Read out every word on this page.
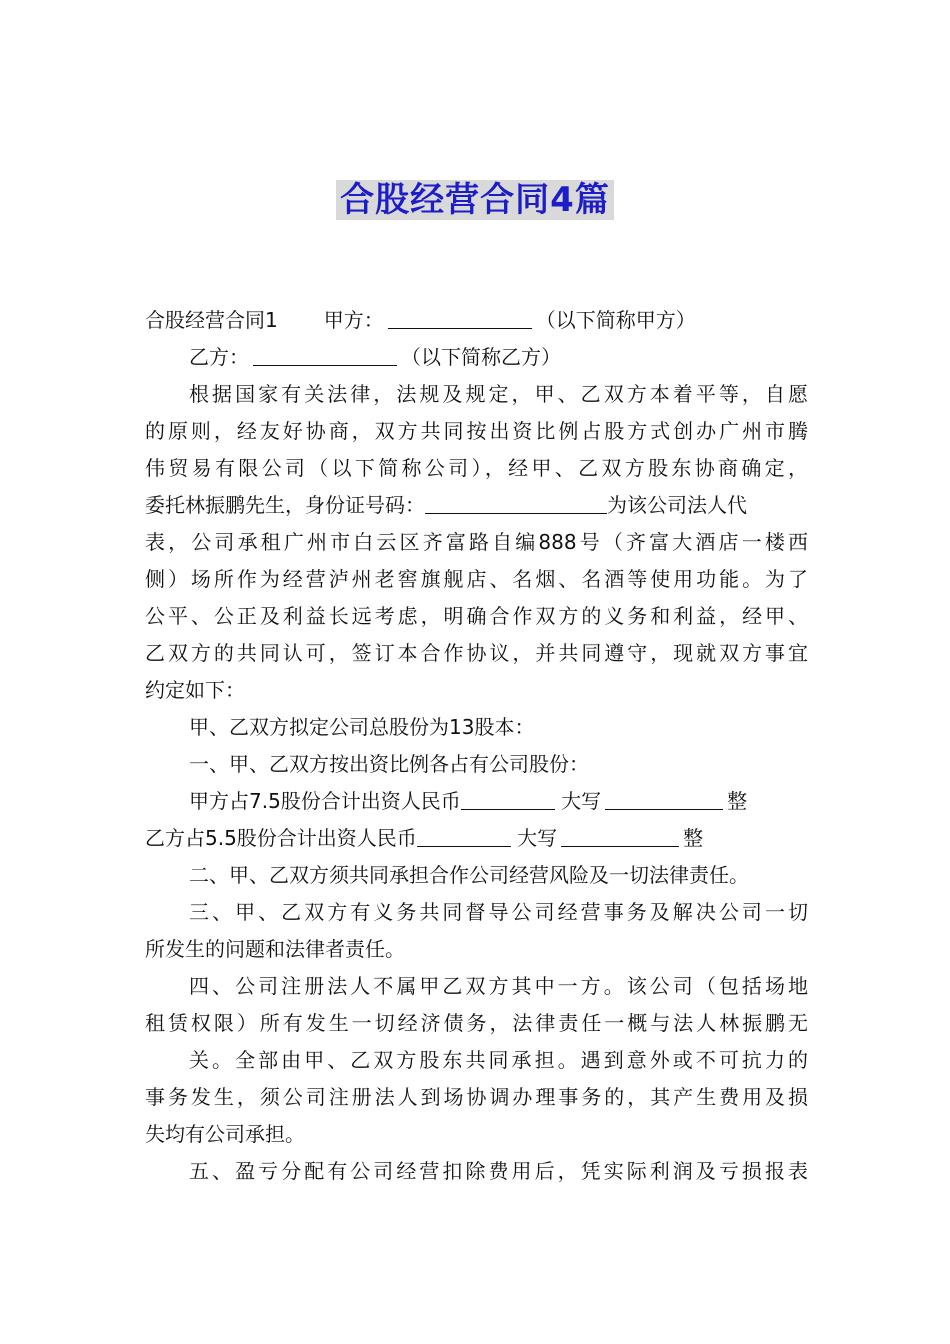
合股经营合同4篇
合股经营合同1 甲方：	（以下简称甲方）
乙方：	（以下简称乙方）
根据国家有关法律，法规及规定，甲、乙双方本着平等，自愿
的原则，经友好协商，双方共同按出资比例占股方式创办广州市腾
伟贸易有限公司（以下简称公司），经甲、乙双方股东协商确定，
委托林振鹏先生，身份证号码：	为该公司法人代
表，公司承租广州市白云区齐富路自编888号（齐富大酒店一楼西
侧）场所作为经营泸州老窖旗舰店、名烟、名酒等使用功能。为了
公平、公正及利益长远考虑，明确合作双方的义务和利益，经甲、
乙双方的共同认可，签订本合作协议，并共同遵守，现就双方事宜
约定如下：
甲、乙双方拟定公司总股份为13股本：
一、甲、乙双方按出资比例各占有公司股份：
甲方占7.5股份合计出资人民币	大写	整
乙方占5.5股份合计出资人民币	大写	整
二、甲、乙双方须共同承担合作公司经营风险及一切法律责任。
三、甲、乙双方有义务共同督导公司经营事务及解决公司一切
所发生的问题和法律者责任。
四、公司注册法人不属甲乙双方其中一方。该公司（包括场地
租赁权限）所有发生一切经济债务，法律责任一概与法人林振鹏无
关。全部由甲、乙双方股东共同承担。遇到意外或不可抗力的
事务发生，须公司注册法人到场协调办理事务的，其产生费用及损
失均有公司承担。
五、盈亏分配有公司经营扣除费用后，凭实际利润及亏损报表
